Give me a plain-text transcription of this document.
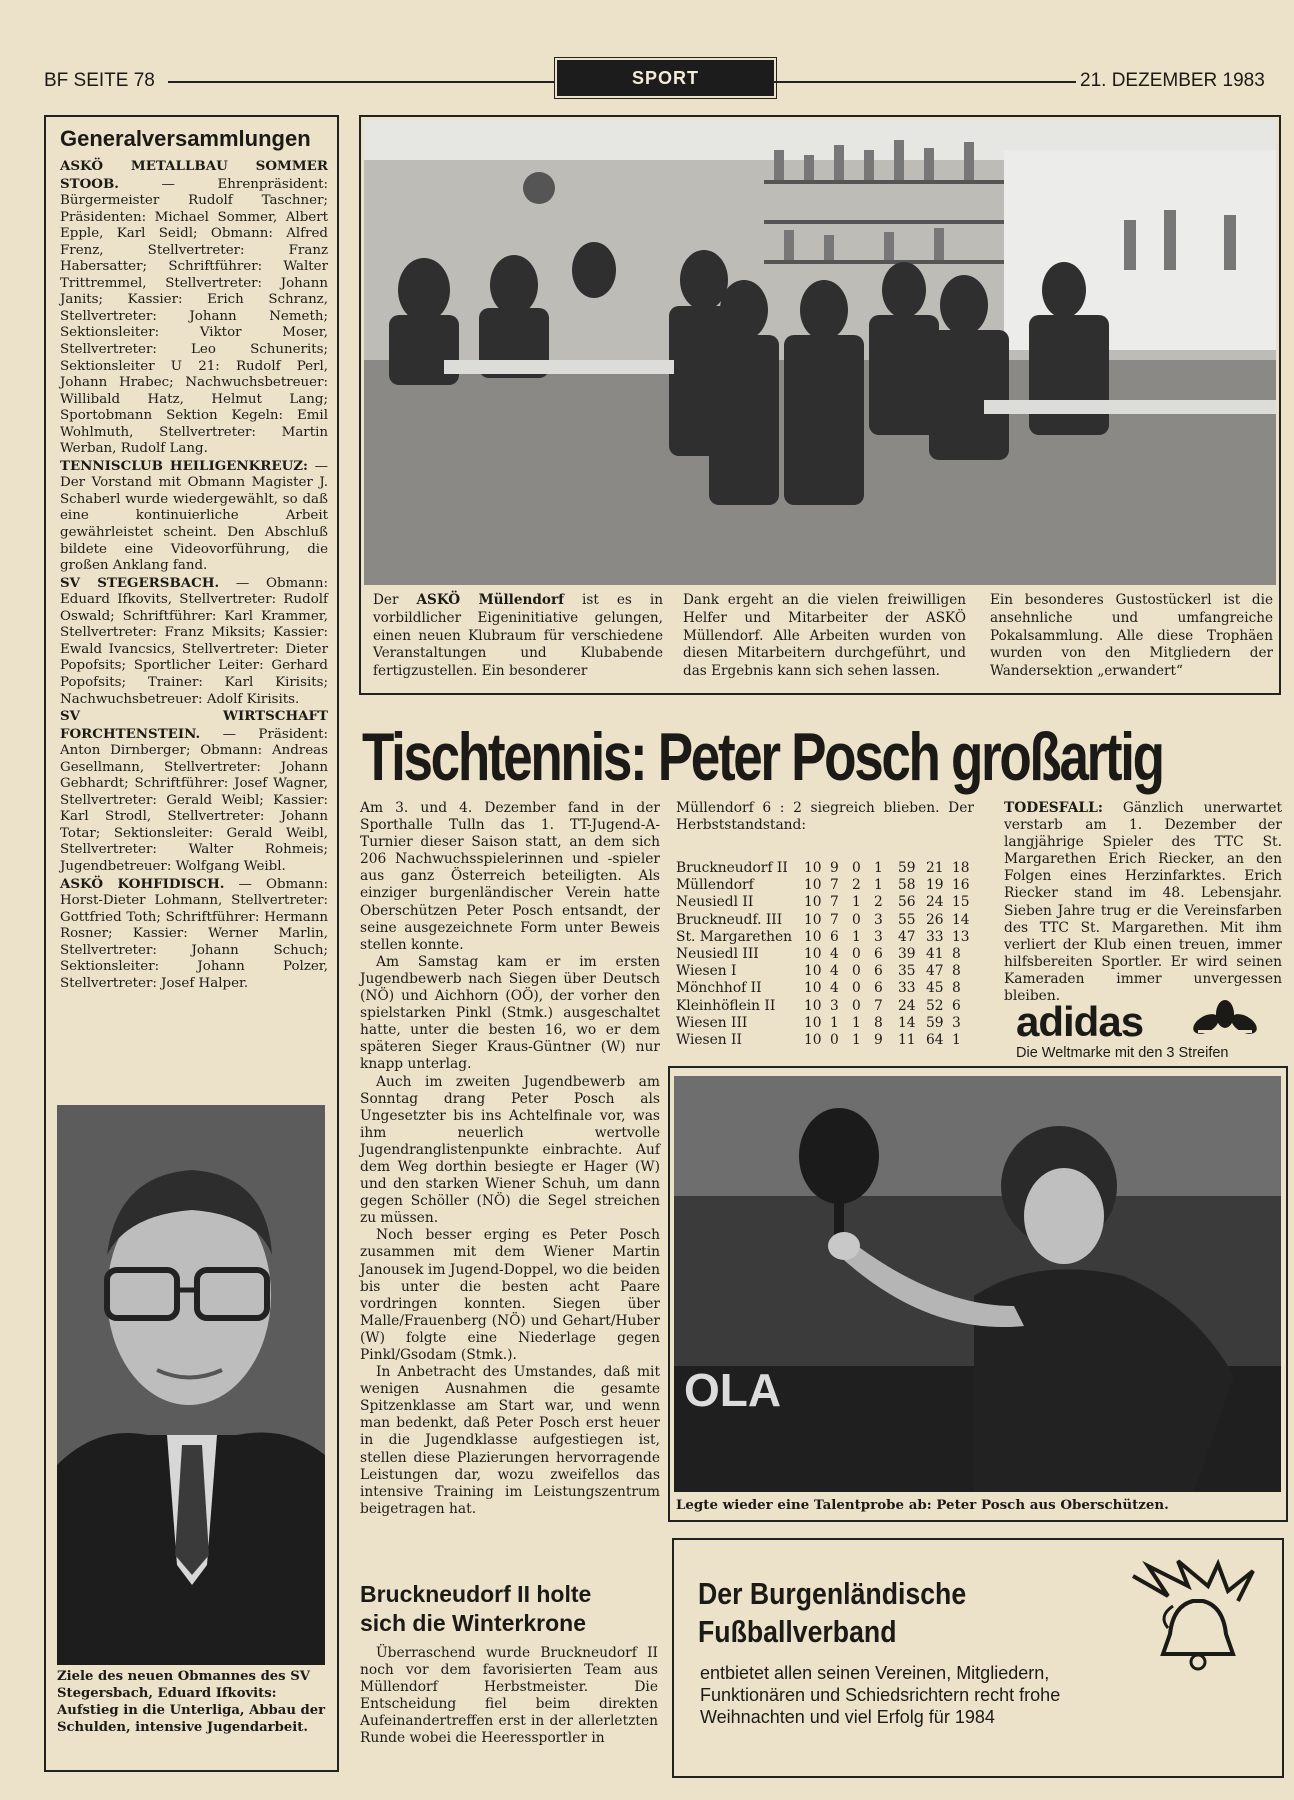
BF SEITE 78	SPORT	21. DEZEMBER 1983
Generalversammlungen

ASKÖ METALLBAU SOMMER STOOB. — Ehrenpräsident: Bürgermeister Rudolf Taschner; Präsidenten: Michael Sommer, Albert Epple, Karl Seidl; Obmann: Alfred Frenz, Stellvertreter: Franz Habersatter; Schriftführer: Walter Trittremmel, Stellvertreter: Johann Janits; Kassier: Erich Schranz, Stellvertreter: Johann Nemeth; Sektionsleiter: Viktor Moser, Stellvertreter: Leo Schunerits; Sektionsleiter U 21: Rudolf Perl, Johann Hrabec; Nachwuchsbetreuer: Willibald Hatz, Helmut Lang; Sportobmann Sektion Kegeln: Emil Wohlmuth, Stellvertreter: Martin Werban, Rudolf Lang.

TENNISCLUB HEILIGENKREUZ: — Der Vorstand mit Obmann Magister J. Schaberl wurde wiedergewählt, so daß eine kontinuierliche Arbeit gewährleistet scheint. Den Abschluß bildete eine Videovorführung, die großen Anklang fand.

SV STEGERSBACH. — Obmann: Eduard Ifkovits, Stellvertreter: Rudolf Oswald; Schriftführer: Karl Krammer, Stellvertreter: Franz Miksits; Kassier: Ewald Ivancsics, Stellvertreter: Dieter Popofsits; Sportlicher Leiter: Gerhard Popofsits; Trainer: Karl Kirisits; Nachwuchsbetreuer: Adolf Kirisits.

SV WIRTSCHAFT FORCHTENSTEIN. — Präsident: Anton Dirnberger; Obmann: Andreas Gesellmann, Stellvertreter: Johann Gebhardt; Schriftführer: Josef Wagner, Stellvertreter: Gerald Weibl; Kassier: Karl Strodl, Stellvertreter: Johann Totar; Sektionsleiter: Gerald Weibl, Stellvertreter: Walter Rohmeis; Jugendbetreuer: Wolfgang Weibl.

ASKÖ KOHFIDISCH. — Obmann: Horst-Dieter Lohmann, Stellvertreter: Gottfried Toth; Schriftführer: Hermann Rosner; Kassier: Werner Marlin, Stellvertreter: Johann Schuch; Sektionsleiter: Johann Polzer, Stellvertreter: Josef Halper.

Ziele des neuen Obmannes des SV Stegersbach, Eduard Ifkovits: Aufstieg in die Unterliga, Abbau der Schulden, intensive Jugendarbeit.
Der ASKÖ Müllendorf ist es in vorbildlicher Eigeninitiative gelungen, einen neuen Klubraum für verschiedene Veranstaltungen und Klubabende fertigzustellen. Ein besonderer
Dank ergeht an die vielen freiwilligen Helfer und Mitarbeiter der ASKÖ Müllendorf. Alle Arbeiten wurden von diesen Mitarbeitern durchgeführt, und das Ergebnis kann sich sehen lassen.
Ein besonderes Gustostückerl ist die ansehnliche und umfangreiche Pokalsammlung. Alle diese Trophäen wurden von den Mitgliedern der Wandersektion „erwandert“
Tischtennis: Peter Posch großartig

Am 3. und 4. Dezember fand in der Sporthalle Tulln das 1. TT-Jugend-A-Turnier dieser Saison statt, an dem sich 206 Nachwuchsspielerinnen und -spieler aus ganz Österreich beteiligten. Als einziger burgenländischer Verein hatte Oberschützen Peter Posch entsandt, der seine ausgezeichnete Form unter Beweis stellen konnte.

Am Samstag kam er im ersten Jugendbewerb nach Siegen über Deutsch (NÖ) und Aichhorn (OÖ), der vorher den spielstarken Pinkl (Stmk.) ausgeschaltet hatte, unter die besten 16, wo er dem späteren Sieger Kraus-Güntner (W) nur knapp unterlag.

Auch im zweiten Jugendbewerb am Sonntag drang Peter Posch als Ungesetzter bis ins Achtelfinale vor, was ihm neuerlich wertvolle Jugendranglistenpunkte einbrachte. Auf dem Weg dorthin besiegte er Hager (W) und den starken Wiener Schuh, um dann gegen Schöller (NÖ) die Segel streichen zu müssen.

Noch besser erging es Peter Posch zusammen mit dem Wiener Martin Janousek im Jugend-Doppel, wo die beiden bis unter die besten acht Paare vordringen konnten. Siegen über Malle/Frauenberg (NÖ) und Gehart/Huber (W) folgte eine Niederlage gegen Pinkl/Gsodam (Stmk.).

In Anbetracht des Umstandes, daß mit wenigen Ausnahmen die gesamte Spitzenklasse am Start war, und wenn man bedenkt, daß Peter Posch erst heuer in die Jugendklasse aufgestiegen ist, stellen diese Plazierungen hervorragende Leistungen dar, wozu zweifellos das intensive Training im Leistungszentrum beigetragen hat.

Müllendorf 6 : 2 siegreich blieben. Der Herbststandstand:

Bruckneudorf II	10	9	0	1	59	21	18
Müllendorf	10	7	2	1	58	19	16
Neusiedl II	10	7	1	2	56	24	15
Bruckneudf. III	10	7	0	3	55	26	14
St. Margarethen	10	6	1	3	47	33	13
Neusiedl III	10	4	0	6	39	41	8
Wiesen I	10	4	0	6	35	47	8
Mönchhof II	10	4	0	6	33	45	8
Kleinhöflein II	10	3	0	7	24	52	6
Wiesen III	10	1	1	8	14	59	3
Wiesen II	10	0	1	9	11	64	1

TODESFALL: Gänzlich unerwartet verstarb am 1. Dezember der langjährige Spieler des TTC St. Margarethen Erich Riecker, an den Folgen eines Herzinfarktes. Erich Riecker stand im 48. Lebensjahr. Sieben Jahre trug er die Vereinsfarben des TTC St. Margarethen. Mit ihm verliert der Klub einen treuen, immer hilfsbereiten Sportler. Er wird seinen Kameraden immer unvergessen bleiben.

adidas
Die Weltmarke mit den 3 Streifen
OLA
Legte wieder eine Talentprobe ab: Peter Posch aus Oberschützen.
Bruckneudorf II holte
sich die Winterkrone

Überraschend wurde Bruckneudorf II noch vor dem favorisierten Team aus Müllendorf Herbstmeister. Die Entscheidung fiel beim direkten Aufeinandertreffen erst in der allerletzten Runde wobei die Heeressportler in

Der Burgenländische
Fußballverband
entbietet allen seinen Vereinen, Mitgliedern,
Funktionären und Schiedsrichtern recht frohe
Weihnachten und viel Erfolg für 1984
